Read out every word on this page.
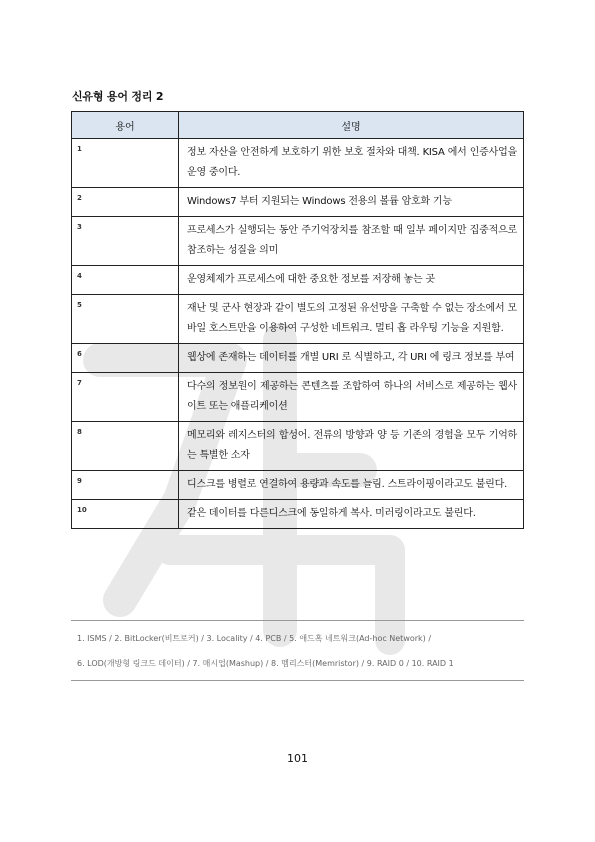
신유형 용어 정리 2
용어	설명
1	정보 자산을 안전하게 보호하기 위한 보호 절차와 대책. KISA 에서 인증사업을 운영 중이다.
2	Windows7 부터 지원되는 Windows 전용의 볼륨 암호화 기능
3	프로세스가 실행되는 동안 주기억장치를 참조할 때 일부 페이지만 집중적으로 참조하는 성질을 의미
4	운영체제가 프로세스에 대한 중요한 정보를 저장해 놓는 곳
5	재난 및 군사 현장과 같이 별도의 고정된 유선망을 구축할 수 없는 장소에서 모바일 호스트만을 이용하여 구성한 네트워크. 멀티 홉 라우팅 기능을 지원함.
6	웹상에 존재하는 데이터를 개별 URI 로 식별하고, 각 URI 에 링크 정보를 부여
7	다수의 정보원이 제공하는 콘텐츠를 조합하여 하나의 서비스로 제공하는 웹사이트 또는 애플리케이션
8	메모리와 레지스터의 합성어. 전류의 방향과 양 등 기존의 경험을 모두 기억하는 특별한 소자
9	디스크를 병렬로 연결하여 용량과 속도를 늘림. 스트라이핑이라고도 불린다.
10	같은 데이터를 다른디스크에 동일하게 복사. 미러링이라고도 불린다.
1. ISMS / 2. BitLocker(비트로커) / 3. Locality / 4. PCB / 5. 애드혹 네트워크(Ad-hoc Network) /
6. LOD(개방형 링크드 데이터) / 7. 매시업(Mashup) / 8. 멤리스터(Memristor) / 9. RAID 0 / 10. RAID 1
101
